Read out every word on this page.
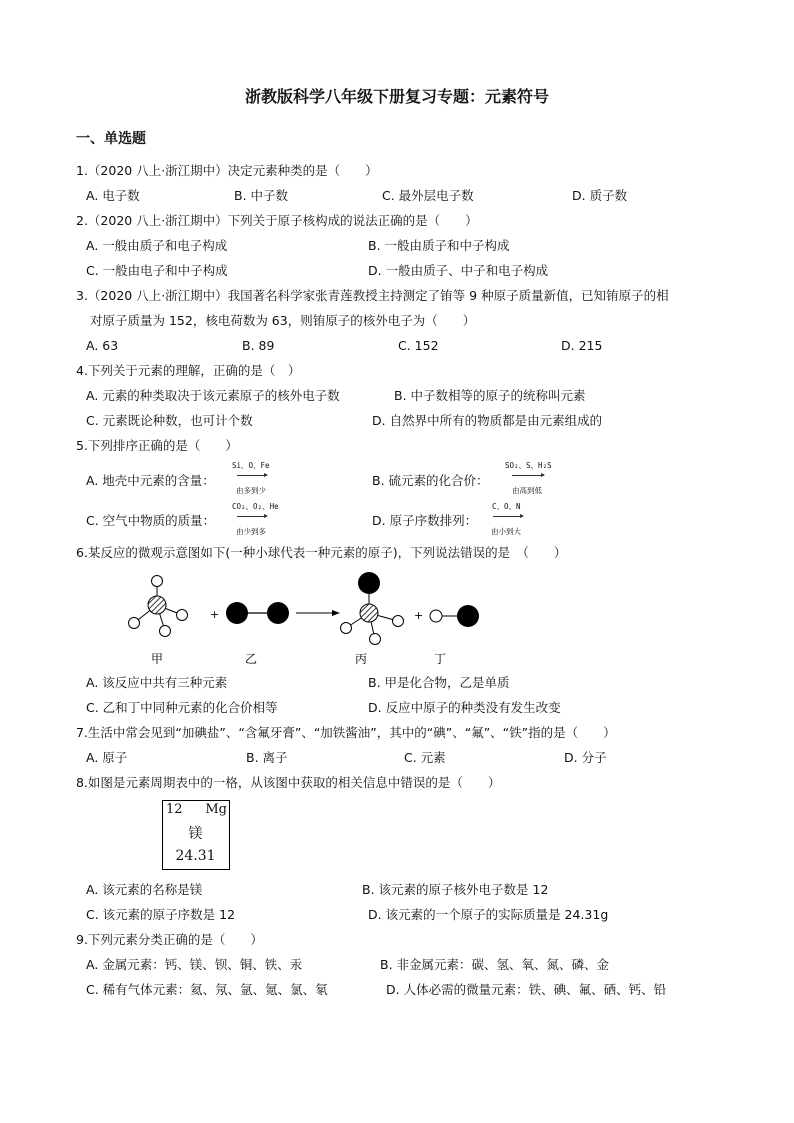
浙教版科学八年级下册复习专题：元素符号
一、单选题
1.（2020 八上·浙江期中）决定元素种类的是（　　）
A. 电子数	B. 中子数	C. 最外层电子数	D. 质子数
2.（2020 八上·浙江期中）下列关于原子核构成的说法正确的是（　　）
A. 一般由质子和电子构成	B. 一般由质子和中子构成
C. 一般由电子和中子构成	D. 一般由质子、中子和电子构成
3.（2020 八上·浙江期中）我国著名科学家张青莲教授主持测定了铕等 9 种原子质量新值，已知铕原子的相
对原子质量为 152，核电荷数为 63，则铕原子的核外电子为（　　）
A. 63	B. 89	C. 152	D. 215
4.下列关于元素的理解，正确的是（　）
A. 元素的种类取决于该元素原子的核外电子数	B. 中子数相等的原子的统称叫元素
C. 元素既论种数，也可计个数	D. 自然界中所有的物质都是由元素组成的
5.下列排序正确的是（　　）
A. 地壳中元素的含量：
Si、O、Fe
由多到少
B. 硫元素的化合价：
SO₂、S、H₂S
由高到低
C. 空气中物质的质量：
CO₂、O₂、He
由少到多
D. 原子序数排列：
C、O、N
由小到大
6.某反应的微观示意图如下(一种小球代表一种元素的原子)，下列说法错误的是　（　　）
+	+
甲	乙	丙	丁
A. 该反应中共有三种元素	B. 甲是化合物，乙是单质
C. 乙和丁中同种元素的化合价相等	D. 反应中原子的种类没有发生改变
7.生活中常会见到“加碘盐”、“含氟牙膏”、“加铁酱油”，其中的“碘”、“氟”、“铁”指的是（　　）
A. 原子	B. 离子	C. 元素	D. 分子
8.如图是元素周期表中的一格，从该图中获取的相关信息中错误的是（　　）
12 Mg
镁
24.31
A. 该元素的名称是镁	B. 该元素的原子核外电子数是 12
C. 该元素的原子序数是 12	D. 该元素的一个原子的实际质量是 24.31g
9.下列元素分类正确的是（　　）
A. 金属元素：钙、镁、钡、铜、铁、汞	B. 非金属元素：碳、氢、氧、氮、磷、金
C. 稀有气体元素：氦、氖、氩、氪、氯、氡	D. 人体必需的微量元素：铁、碘、氟、硒、钙、铅
